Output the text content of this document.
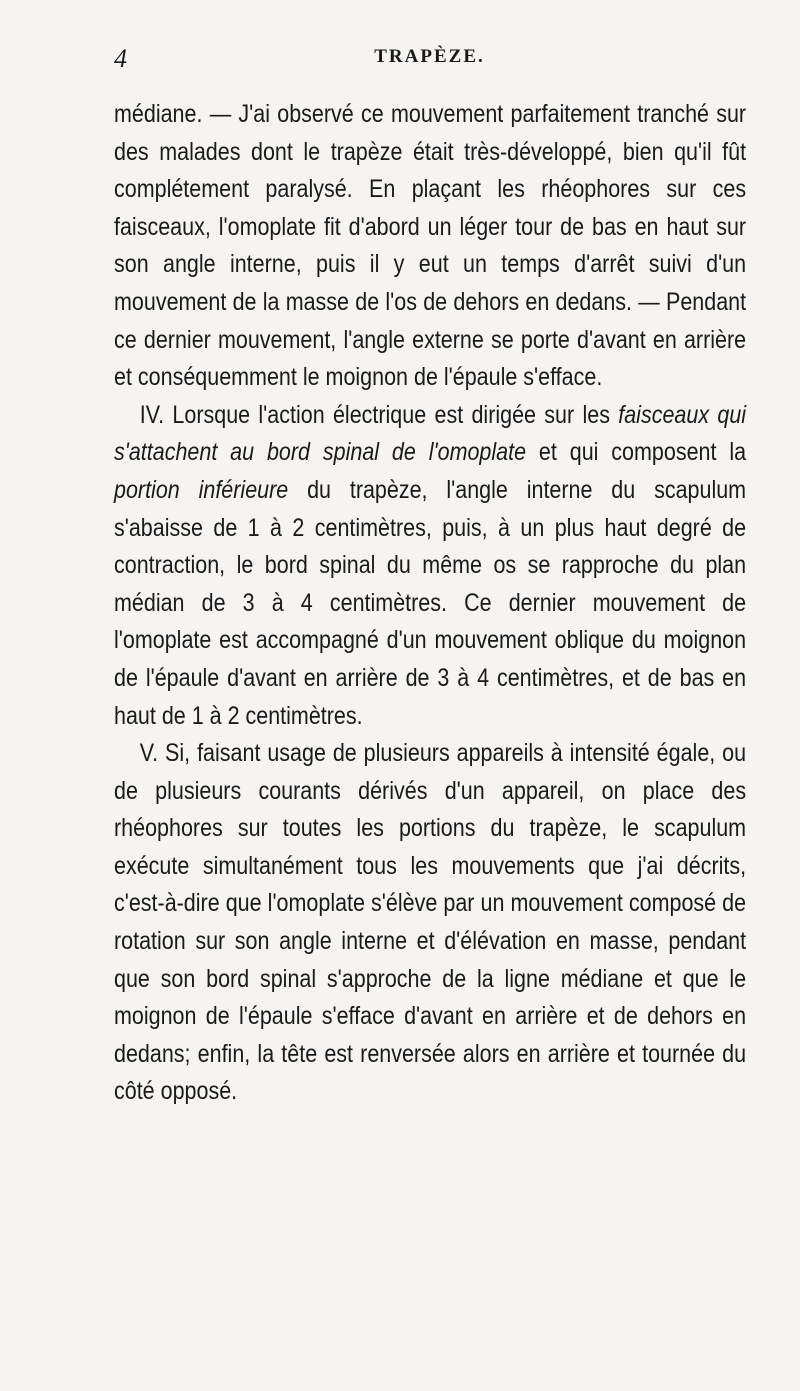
4	TRAPÈZE.

médiane. — J'ai observé ce mouvement parfaitement tranché sur des malades dont le trapèze était très-développé, bien qu'il fût complétement paralysé. En plaçant les rhéophores sur ces faisceaux, l'omoplate fit d'abord un léger tour de bas en haut sur son angle interne, puis il y eut un temps d'arrêt suivi d'un mouvement de la masse de l'os de dehors en dedans. — Pendant ce dernier mouvement, l'angle externe se porte d'avant en arrière et conséquemment le moignon de l'épaule s'efface.

IV. Lorsque l'action électrique est dirigée sur les faisceaux qui s'attachent au bord spinal de l'omoplate et qui composent la portion inférieure du trapèze, l'angle interne du scapulum s'abaisse de 1 à 2 centimètres, puis, à un plus haut degré de contraction, le bord spinal du même os se rapproche du plan médian de 3 à 4 centimètres. Ce dernier mouvement de l'omoplate est accompagné d'un mouvement oblique du moignon de l'épaule d'avant en arrière de 3 à 4 centimètres, et de bas en haut de 1 à 2 centimètres.

V. Si, faisant usage de plusieurs appareils à intensité égale, ou de plusieurs courants dérivés d'un appareil, on place des rhéophores sur toutes les portions du trapèze, le scapulum exécute simultanément tous les mouvements que j'ai décrits, c'est-à-dire que l'omoplate s'élève par un mouvement composé de rotation sur son angle interne et d'élévation en masse, pendant que son bord spinal s'approche de la ligne médiane et que le moignon de l'épaule s'efface d'avant en arrière et de dehors en dedans; enfin, la tête est renversée alors en arrière et tournée du côté opposé.
